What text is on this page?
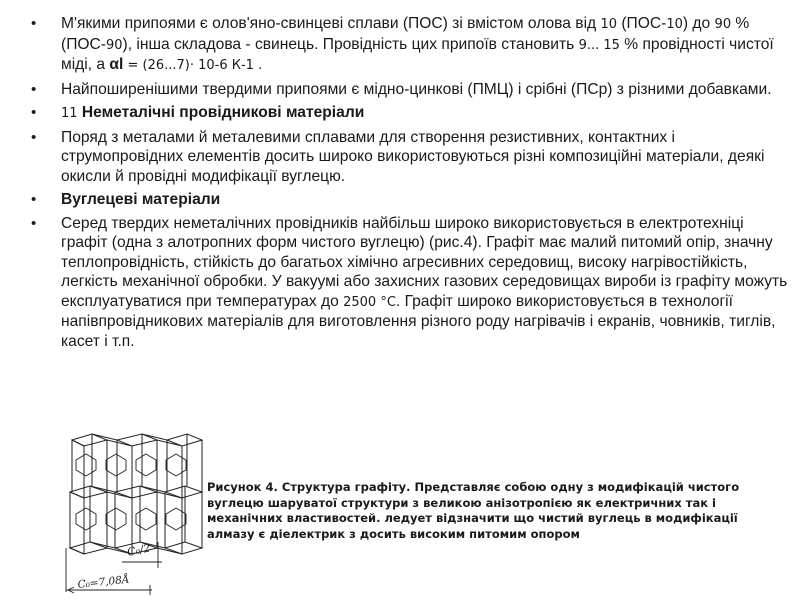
• М'якими припоями є олов'яно-свинцеві сплави (ПОС) зі вмістом олова від 10 (ПОС-10) до 90 % (ПОС-90), інша складова - свинець. Провідність цих припоїв становить 9... 15 % провідності чистої міді, а αl = (26...7)· 10-6 К-1 .
• Найпоширенішими твердими припоями є мідно-цинкові (ПМЦ) і срібні (ПСр) з різними добавками.
• 11 Неметалічні провідникові матеріали
• Поряд з металами й металевими сплавами для створення резистивних, контактних і струмопровідних елементів досить широко використовуються різні композиційні матеріали, деякі окисли й провідні модифікації вуглецю.
• Вуглецеві матеріали
• Серед твердих неметалічних провідників найбільш широко використовується в електротехніці графіт (одна з алотропних форм чистого вуглецю) (рис.4). Графіт має малий питомий опір, значну теплопровідність, стійкість до багатьох хімічно агресивних середовищ, високу нагрівостійкість, легкість механічної обробки. У вакуумі або захисних газових середовищах вироби із графіту можуть експлуатуватися при температурах до 2500 °С. Графіт широко використовується в технології напівпровідникових матеріалів для виготовлення різного роду нагрівачів і екранів, човників, тиглів, касет і т.п.
C₀/2
C₀=7,08Å
Рисунок 4. Структура графіту. Представляє собою одну з модифікацій чистого вуглецю шаруватої структури з великою анізотропією як електричних так і механічних властивостей. ледует відзначити що чистий вуглець в модифікації алмазу є діелектрик з досить високим питомим опором
